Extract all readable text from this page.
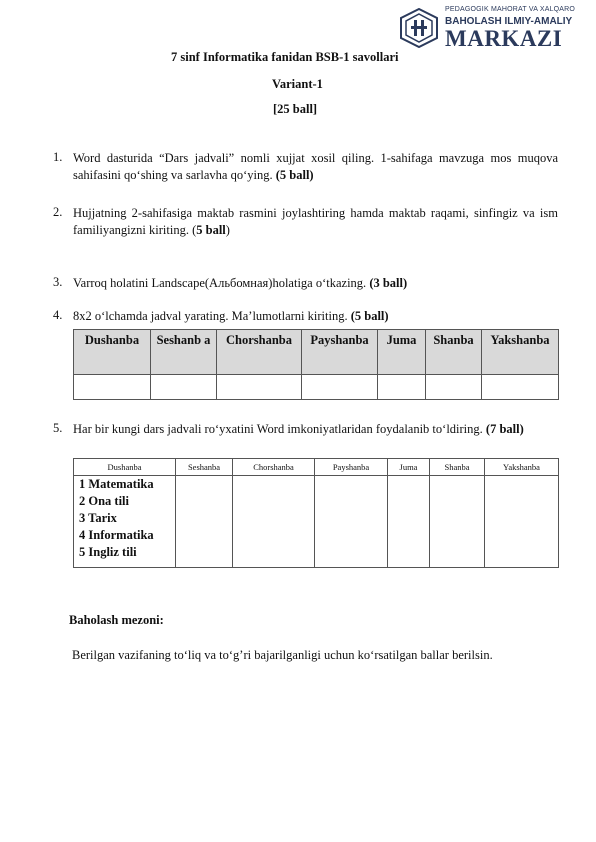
PEDAGOGIK MAHORAT VA XALQARO
BAHOLASH ILMIY-AMALIY
MARKAZI
7 sinf Informatika fanidan BSB-1 savollari
Variant-1
[25 ball]
1. Word dasturida “Dars jadvali” nomli xujjat xosil qiling. 1-sahifaga mavzuga mos muqova sahifasini qo‘shing va sarlavha qo‘ying. (5 ball)
2. Hujjatning 2-sahifasiga maktab rasmini joylashtiring hamda maktab raqami, sinfingiz va ism familiyangizni kiriting. (5 ball)
3. Varroq holatini Landscape(Альбомная)holatiga o‘tkazing. (3 ball)
4. 8x2 o‘lchamda jadval yarating. Ma’lumotlarni kiriting. (5 ball)
Dushanba	Seshanb a	Chorshanba	Payshanba	Juma	Shanba	Yakshanba

5. Har bir kungi dars jadvali ro‘yxatini Word imkoniyatlaridan foydalanib to‘ldiring. (7 ball)
Dushanba	Seshanba	Chorshanba	Payshanba	Juma	Shanba	Yakshanba

1 Matematika
2 Ona tili
3 Tarix
4 Informatika
5 Ingliz tili						

Baholash mezoni:
Berilgan vazifaning to‘liq va to‘g’ri bajarilganligi uchun ko‘rsatilgan ballar berilsin.
